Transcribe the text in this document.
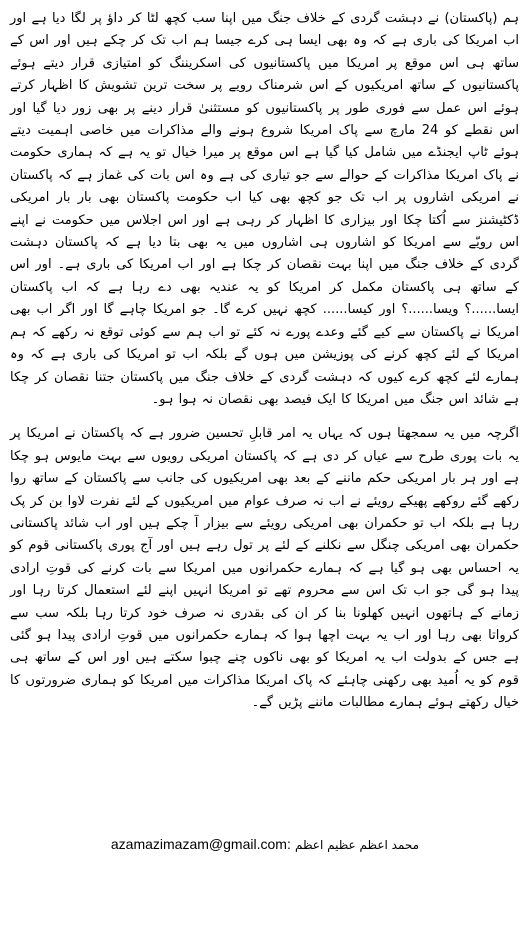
ہم (پاکستان) نے دہشت گردی کے خلاف جنگ میں اپنا سب کچھ لٹا کر داؤ پر لگا دیا ہے اور اب امریکا کی باری ہے کہ وہ بھی ایسا ہی کرے جیسا ہم اب تک کر چکے ہیں اور اس کے ساتھ ہی اس موقع پر امریکا میں پاکستانیوں کی اسکریننگ کو امتیازی قرار دیتے ہوئے پاکستانیوں کے ساتھ امریکیوں کے اس شرمناک رویے پر سخت ترین تشویش کا اظہار کرتے ہوئے اس عمل سے فوری طور پر پاکستانیوں کو مستثنیٰ قرار دینے پر بھی زور دیا گیا اور اس نقطے کو 24 مارچ سے پاک امریکا شروع ہونے والے مذاکرات میں خاصی اہمیت دیتے ہوئے ٹاپ ایجنڈے میں شامل کیا گیا ہے اس موقع پر میرا خیال تو یہ ہے کہ ہماری حکومت نے پاک امریکا مذاکرات کے حوالے سے جو تیاری کی ہے وہ اس بات کی غماز ہے کہ پاکستان نے امریکی اشاروں پر اب تک جو کچھ بھی کیا اب حکومت پاکستان بھی بار بار امریکی ڈکٹیشنز سے اُکتا چکا اور بیزاری کا اظہار کر رہی ہے اور اس اجلاس میں حکومت نے اپنے اس رویّے سے امریکا کو اشاروں ہی اشاروں میں یہ بھی بتا دیا ہے کہ پاکستان دہشت گردی کے خلاف جنگ میں اپنا بہت نقصان کر چکا ہے اور اب امریکا کی باری ہے۔ اور اس کے ساتھ ہی پاکستان مکمل کر امریکا کو یہ عندیہ بھی دے رہا ہے کہ اب پاکستان ایسا......؟ ویسا......؟ اور کیسا...... کچھ نہیں کرے گا۔ جو امریکا چاہے گا اور اگر اب بھی امریکا نے پاکستان سے کیے گئے وعدے پورے نہ کئے تو اب ہم سے کوئی توقع نہ رکھے کہ ہم امریکا کے لئے کچھ کرنے کی پوزیشن میں ہوں گے بلکہ اب تو امریکا کی باری ہے کہ وہ ہمارے لئے کچھ کرے کیوں کہ دہشت گردی کے خلاف جنگ میں پاکستان جتنا نقصان کر چکا ہے شائد اس جنگ میں امریکا کا ایک فیصد بھی نقصان نہ ہوا ہو۔

اگرچہ میں یہ سمجھتا ہوں کہ یہاں یہ امر قابلِ تحسین ضرور ہے کہ پاکستان نے امریکا پر یہ بات پوری طرح سے عیاں کر دی ہے کہ پاکستان امریکی رویوں سے بہت مایوس ہو چکا ہے اور ہر بار امریکی حکم ماننے کے بعد بھی امریکیوں کی جانب سے پاکستان کے ساتھ روا رکھے گئے روکھے پھیکے رویئے نے اب نہ صرف عوام میں امریکیوں کے لئے نفرت لاوا بن کر پک رہا ہے بلکہ اب تو حکمران بھی امریکی رویئے سے بیزار آ چکے ہیں اور اب شائد پاکستانی حکمران بھی امریکی چنگل سے نکلنے کے لئے پر تول رہے ہیں اور آج پوری پاکستانی قوم کو یہ احساس بھی ہو گیا ہے کہ ہمارے حکمرانوں میں امریکا سے بات کرنے کی قوتِ ارادی پیدا ہو گی جو اب تک اس سے محروم تھے تو امریکا انہیں اپنے لئے استعمال کرتا رہا اور زمانے کے ہاتھوں انہیں کھلونا بنا کر ان کی بقدری نہ صرف خود کرتا رہا بلکہ سب سے کرواتا بھی رہا اور اب یہ بہت اچھا ہوا کہ ہمارے حکمرانوں میں قوتِ ارادی پیدا ہو گئی ہے جس کے بدولت اب یہ امریکا کو بھی ناکوں چنے چبوا سکتے ہیں اور اس کے ساتھ ہی قوم کو یہ اُمید بھی رکھنی چاہئے کہ پاک امریکا مذاکرات میں امریکا کو ہماری ضرورتوں کا خیال رکھتے ہوئے ہمارے مطالبات ماننے پڑیں گے۔

azamazimazam@gmail.com: محمد اعظم عظیم اعظم
